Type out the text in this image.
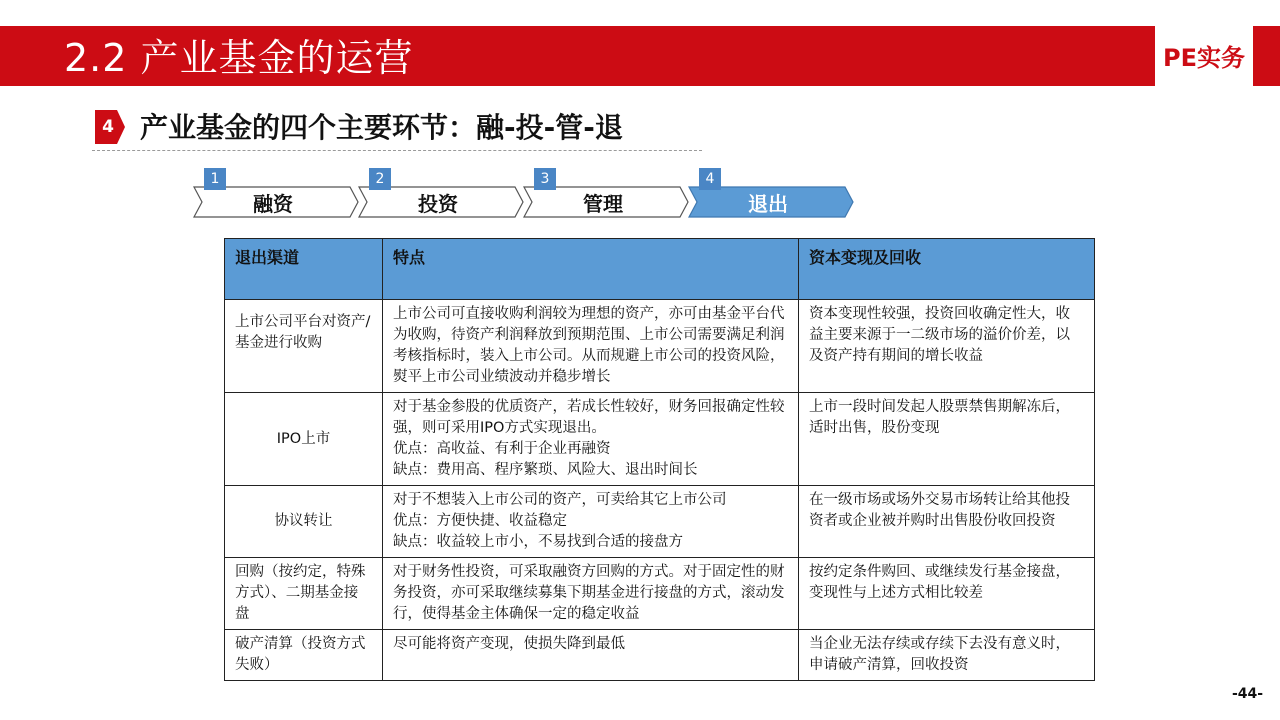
2.2 产业基金的运营	PE实务
4 产业基金的四个主要环节：融-投-管-退
1
融资
2
投资
3
管理
4
退出
退出渠道	特点	资本变现及回收
上市公司平台对资产/基金进行收购	上市公司可直接收购利润较为理想的资产，亦可由基金平台代为收购，待资产利润释放到预期范围、上市公司需要满足利润考核指标时，装入上市公司。从而规避上市公司的投资风险，熨平上市公司业绩波动并稳步增长	资本变现性较强，投资回收确定性大，收益主要来源于一二级市场的溢价价差，以及资产持有期间的增长收益
IPO上市	对于基金参股的优质资产，若成长性较好，财务回报确定性较强，则可采用IPO方式实现退出。
优点：高收益、有利于企业再融资
缺点：费用高、程序繁琐、风险大、退出时间长	上市一段时间发起人股票禁售期解冻后，适时出售，股份变现
协议转让	对于不想装入上市公司的资产，可卖给其它上市公司
优点：方便快捷、收益稳定
缺点：收益较上市小，不易找到合适的接盘方	在一级市场或场外交易市场转让给其他投资者或企业被并购时出售股份收回投资
回购（按约定，特殊方式）、二期基金接盘	对于财务性投资，可采取融资方回购的方式。对于固定性的财务投资，亦可采取继续募集下期基金进行接盘的方式，滚动发行，使得基金主体确保一定的稳定收益	按约定条件购回、或继续发行基金接盘，变现性与上述方式相比较差
破产清算（投资方式失败）	尽可能将资产变现，使损失降到最低	当企业无法存续或存续下去没有意义时，申请破产清算，回收投资
-44-
